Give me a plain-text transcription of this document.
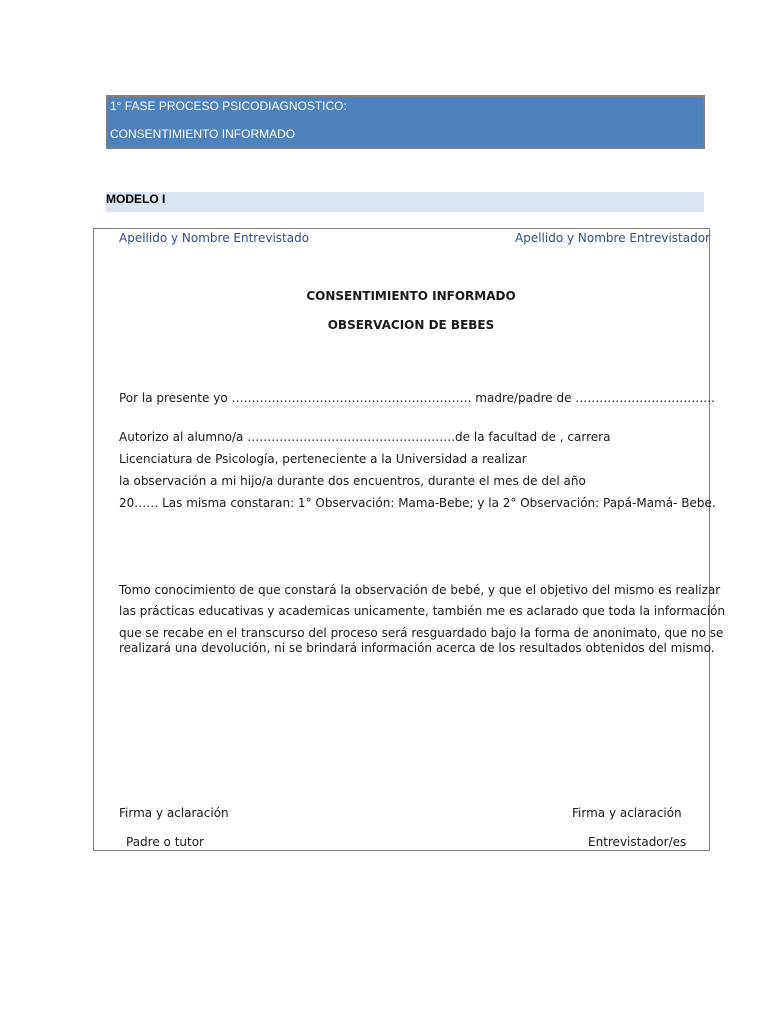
1° FASE PROCESO PSICODIAGNOSTICO:
CONSENTIMIENTO INFORMADO
MODELO I
Apellido y Nombre Entrevistado	Apellido y Nombre Entrevistador
CONSENTIMIENTO INFORMADO
OBSERVACION DE BEBES
Por la presente yo …………………………………………………… madre/padre de ……………………………..
Autorizo al alumno/a …………………………………………….de la facultad de , carrera
Licenciatura de Psicología, perteneciente a la Universidad a realizar
la observación a mi hijo/a durante dos encuentros, durante el mes de del año
20…… Las misma constaran: 1° Observación: Mama-Bebe; y la 2° Observación: Papá-Mamá- Bebe.
Tomo conocimiento de que constará la observación de bebé, y que el objetivo del mismo es realizar
las prácticas educativas y academicas unicamente, también me es aclarado que toda la información
que se recabe en el transcurso del proceso será resguardado bajo la forma de anonimato, que no se
realizará una devolución, ni se brindará información acerca de los resultados obtenidos del mismo.
Firma y aclaración
Padre o tutor
Firma y aclaración
Entrevistador/es
